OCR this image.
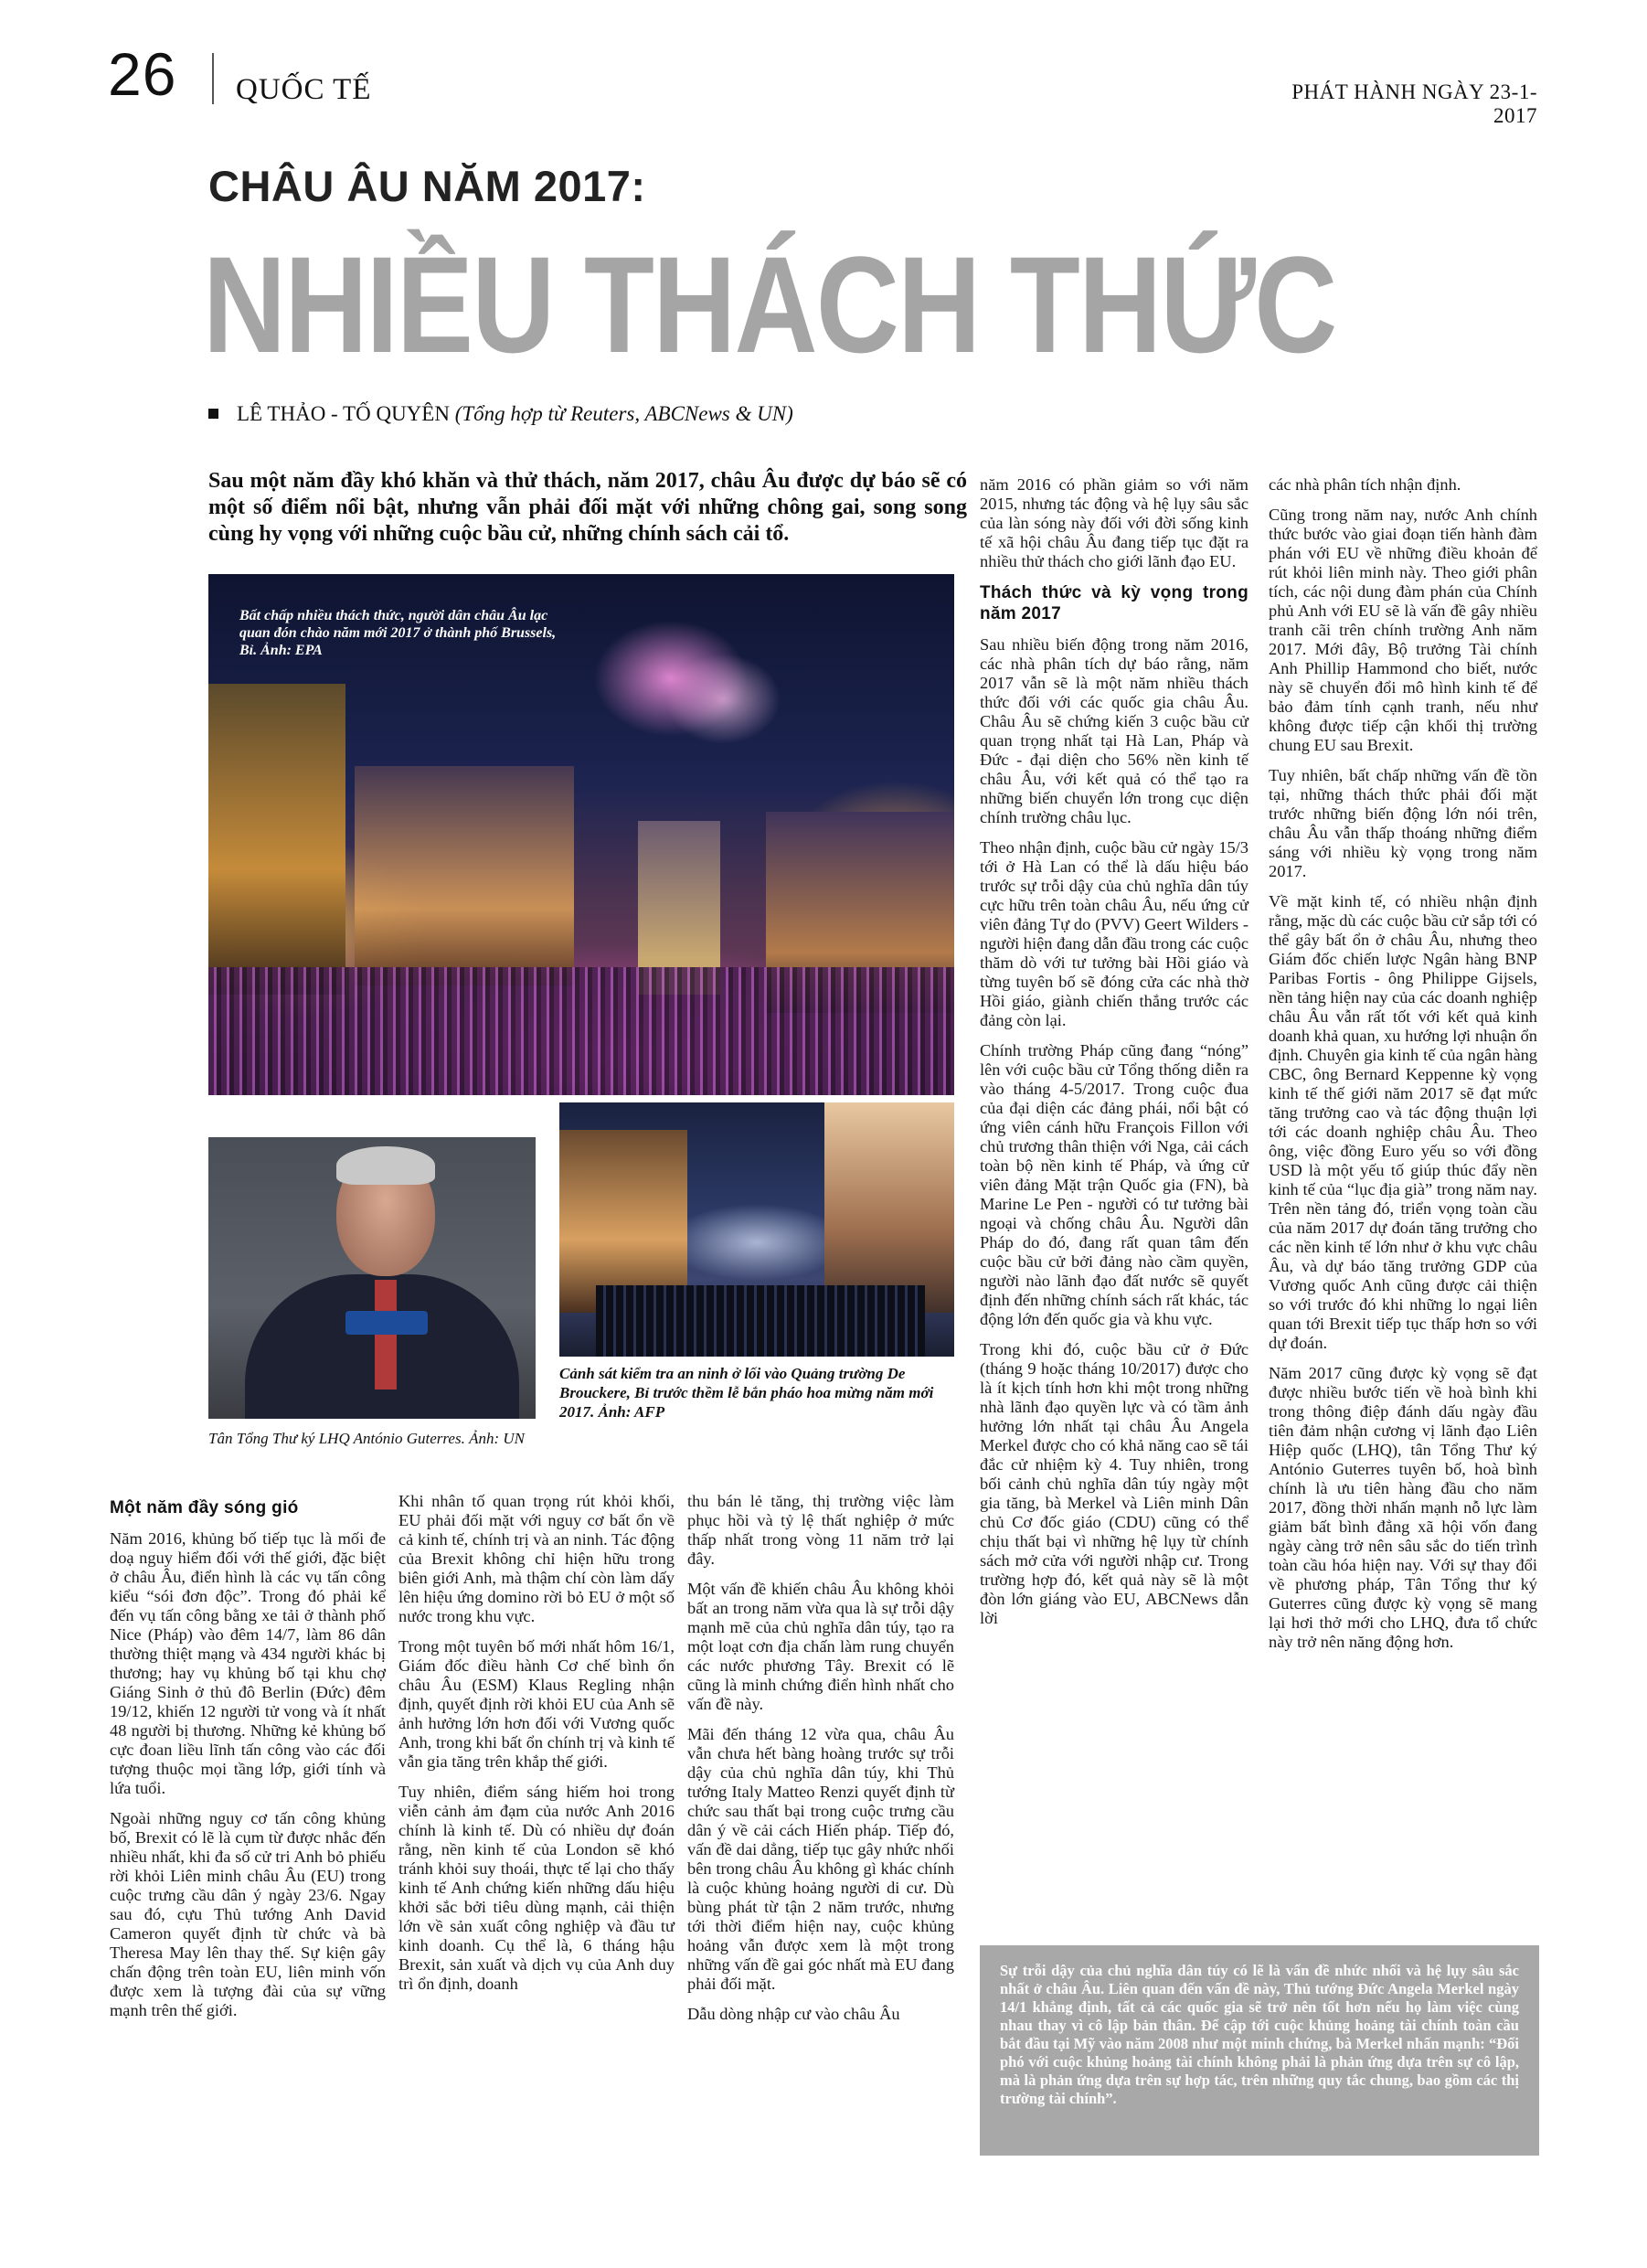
26 QUỐC TẾ	PHÁT HÀNH NGÀY 23-1-2017
CHÂU ÂU NĂM 2017:
NHIỀU THÁCH THỨC
LÊ THẢO - TỐ QUYÊN (Tổng hợp từ Reuters, ABCNews & UN)

Sau một năm đầy khó khăn và thử thách, năm 2017, châu Âu được dự báo sẽ có một số điểm nổi bật, nhưng vẫn phải đối mặt với những chông gai, song song cùng hy vọng với những cuộc bầu cử, những chính sách cải tổ.

Bất chấp nhiều thách thức, người dân châu Âu lạc quan đón chào năm mới 2017 ở thành phố Brussels, Bỉ. Ảnh: EPA

Cảnh sát kiểm tra an ninh ở lối vào Quảng trường De Brouckere, Bỉ trước thềm lễ bắn pháo hoa mừng năm mới 2017. Ảnh: AFP

Tân Tổng Thư ký LHQ António Guterres. Ảnh: UN

Một năm đầy sóng gió

Năm 2016, khủng bố tiếp tục là mối đe doạ nguy hiểm đối với thế giới, đặc biệt ở châu Âu, điển hình là các vụ tấn công kiểu “sói đơn độc”. Trong đó phải kể đến vụ tấn công bằng xe tải ở thành phố Nice (Pháp) vào đêm 14/7, làm 86 dân thường thiệt mạng và 434 người khác bị thương; hay vụ khủng bố tại khu chợ Giáng Sinh ở thủ đô Berlin (Đức) đêm 19/12, khiến 12 người tử vong và ít nhất 48 người bị thương. Những kẻ khủng bố cực đoan liều lĩnh tấn công vào các đối tượng thuộc mọi tầng lớp, giới tính và lứa tuổi.

Ngoài những nguy cơ tấn công khủng bố, Brexit có lẽ là cụm từ được nhắc đến nhiều nhất, khi đa số cử tri Anh bỏ phiếu rời khỏi Liên minh châu Âu (EU) trong cuộc trưng cầu dân ý ngày 23/6. Ngay sau đó, cựu Thủ tướng Anh David Cameron quyết định từ chức và bà Theresa May lên thay thế. Sự kiện gây chấn động trên toàn EU, liên minh vốn được xem là tượng đài của sự vững mạnh trên thế giới.

Khi nhân tố quan trọng rút khỏi khối, EU phải đối mặt với nguy cơ bất ổn về cả kinh tế, chính trị và an ninh. Tác động của Brexit không chỉ hiện hữu trong biên giới Anh, mà thậm chí còn làm dấy lên hiệu ứng domino rời bỏ EU ở một số nước trong khu vực.

Trong một tuyên bố mới nhất hôm 16/1, Giám đốc điều hành Cơ chế bình ổn châu Âu (ESM) Klaus Regling nhận định, quyết định rời khỏi EU của Anh sẽ ảnh hưởng lớn hơn đối với Vương quốc Anh, trong khi bất ổn chính trị và kinh tế vẫn gia tăng trên khắp thế giới.

Tuy nhiên, điểm sáng hiếm hoi trong viễn cảnh ảm đạm của nước Anh 2016 chính là kinh tế. Dù có nhiều dự đoán rằng, nền kinh tế của London sẽ khó tránh khỏi suy thoái, thực tế lại cho thấy kinh tế Anh chứng kiến những dấu hiệu khởi sắc bởi tiêu dùng mạnh, cải thiện lớn về sản xuất công nghiệp và đầu tư kinh doanh. Cụ thể là, 6 tháng hậu Brexit, sản xuất và dịch vụ của Anh duy trì ổn định, doanh

thu bán lẻ tăng, thị trường việc làm phục hồi và tỷ lệ thất nghiệp ở mức thấp nhất trong vòng 11 năm trở lại đây.

Một vấn đề khiến châu Âu không khỏi bất an trong năm vừa qua là sự trỗi dậy mạnh mẽ của chủ nghĩa dân túy, tạo ra một loạt cơn địa chấn làm rung chuyển các nước phương Tây. Brexit có lẽ cũng là minh chứng điển hình nhất cho vấn đề này.

Mãi đến tháng 12 vừa qua, châu Âu vẫn chưa hết bàng hoàng trước sự trỗi dậy của chủ nghĩa dân túy, khi Thủ tướng Italy Matteo Renzi quyết định từ chức sau thất bại trong cuộc trưng cầu dân ý về cải cách Hiến pháp. Tiếp đó, vấn đề dai dẳng, tiếp tục gây nhức nhối bên trong châu Âu không gì khác chính là cuộc khủng hoảng người di cư. Dù bùng phát từ tận 2 năm trước, nhưng tới thời điểm hiện nay, cuộc khủng hoảng vẫn được xem là một trong những vấn đề gai góc nhất mà EU đang phải đối mặt.

Dẫu dòng nhập cư vào châu Âu

năm 2016 có phần giảm so với năm 2015, nhưng tác động và hệ lụy sâu sắc của làn sóng này đối với đời sống kinh tế xã hội châu Âu đang tiếp tục đặt ra nhiều thử thách cho giới lãnh đạo EU.

Thách thức và kỳ vọng trong năm 2017

Sau nhiều biến động trong năm 2016, các nhà phân tích dự báo rằng, năm 2017 vẫn sẽ là một năm nhiều thách thức đối với các quốc gia châu Âu. Châu Âu sẽ chứng kiến 3 cuộc bầu cử quan trọng nhất tại Hà Lan, Pháp và Đức - đại diện cho 56% nền kinh tế châu Âu, với kết quả có thể tạo ra những biến chuyển lớn trong cục diện chính trường châu lục.

Theo nhận định, cuộc bầu cử ngày 15/3 tới ở Hà Lan có thể là dấu hiệu báo trước sự trỗi dậy của chủ nghĩa dân túy cực hữu trên toàn châu Âu, nếu ứng cử viên đảng Tự do (PVV) Geert Wilders - người hiện đang dẫn đầu trong các cuộc thăm dò với tư tưởng bài Hồi giáo và từng tuyên bố sẽ đóng cửa các nhà thờ Hồi giáo, giành chiến thắng trước các đảng còn lại.

Chính trường Pháp cũng đang “nóng” lên với cuộc bầu cử Tổng thống diễn ra vào tháng 4-5/2017. Trong cuộc đua của đại diện các đảng phái, nổi bật có ứng viên cánh hữu François Fillon với chủ trương thân thiện với Nga, cải cách toàn bộ nền kinh tế Pháp, và ứng cử viên đảng Mặt trận Quốc gia (FN), bà Marine Le Pen - người có tư tưởng bài ngoại và chống châu Âu. Người dân Pháp do đó, đang rất quan tâm đến cuộc bầu cử bởi đảng nào cầm quyền, người nào lãnh đạo đất nước sẽ quyết định đến những chính sách rất khác, tác động lớn đến quốc gia và khu vực.

Trong khi đó, cuộc bầu cử ở Đức (tháng 9 hoặc tháng 10/2017) được cho là ít kịch tính hơn khi một trong những nhà lãnh đạo quyền lực và có tầm ảnh hưởng lớn nhất tại châu Âu Angela Merkel được cho có khả năng cao sẽ tái đắc cử nhiệm kỳ 4. Tuy nhiên, trong bối cảnh chủ nghĩa dân túy ngày một gia tăng, bà Merkel và Liên minh Dân chủ Cơ đốc giáo (CDU) cũng có thể chịu thất bại vì những hệ lụy từ chính sách mở cửa với người nhập cư. Trong trường hợp đó, kết quả này sẽ là một đòn lớn giáng vào EU, ABCNews dẫn lời

các nhà phân tích nhận định.

Cũng trong năm nay, nước Anh chính thức bước vào giai đoạn tiến hành đàm phán với EU về những điều khoản để rút khỏi liên minh này. Theo giới phân tích, các nội dung đàm phán của Chính phủ Anh với EU sẽ là vấn đề gây nhiều tranh cãi trên chính trường Anh năm 2017. Mới đây, Bộ trưởng Tài chính Anh Phillip Hammond cho biết, nước này sẽ chuyển đổi mô hình kinh tế để bảo đảm tính cạnh tranh, nếu như không được tiếp cận khối thị trường chung EU sau Brexit.

Tuy nhiên, bất chấp những vấn đề tồn tại, những thách thức phải đối mặt trước những biến động lớn nói trên, châu Âu vẫn thấp thoáng những điểm sáng với nhiều kỳ vọng trong năm 2017.

Về mặt kinh tế, có nhiều nhận định rằng, mặc dù các cuộc bầu cử sắp tới có thể gây bất ổn ở châu Âu, nhưng theo Giám đốc chiến lược Ngân hàng BNP Paribas Fortis - ông Philippe Gijsels, nền tảng hiện nay của các doanh nghiệp châu Âu vẫn rất tốt với kết quả kinh doanh khả quan, xu hướng lợi nhuận ổn định. Chuyên gia kinh tế của ngân hàng CBC, ông Bernard Keppenne kỳ vọng kinh tế thế giới năm 2017 sẽ đạt mức tăng trưởng cao và tác động thuận lợi tới các doanh nghiệp châu Âu. Theo ông, việc đồng Euro yếu so với đồng USD là một yếu tố giúp thúc đẩy nền kinh tế của “lục địa già” trong năm nay. Trên nền tảng đó, triển vọng toàn cầu của năm 2017 dự đoán tăng trưởng cho các nền kinh tế lớn như ở khu vực châu Âu, và dự báo tăng trưởng GDP của Vương quốc Anh cũng được cải thiện so với trước đó khi những lo ngại liên quan tới Brexit tiếp tục thấp hơn so với dự đoán.

Năm 2017 cũng được kỳ vọng sẽ đạt được nhiều bước tiến về hoà bình khi trong thông điệp đánh dấu ngày đầu tiên đảm nhận cương vị lãnh đạo Liên Hiệp quốc (LHQ), tân Tổng Thư ký António Guterres tuyên bố, hoà bình chính là ưu tiên hàng đầu cho năm 2017, đồng thời nhấn mạnh nỗ lực làm giảm bất bình đẳng xã hội vốn đang ngày càng trở nên sâu sắc do tiến trình toàn cầu hóa hiện nay. Với sự thay đổi về phương pháp, Tân Tổng thư ký Guterres cũng được kỳ vọng sẽ mang lại hơi thở mới cho LHQ, đưa tổ chức này trở nên năng động hơn.

Sự trỗi dậy của chủ nghĩa dân túy có lẽ là vấn đề nhức nhối và hệ lụy sâu sắc nhất ở châu Âu. Liên quan đến vấn đề này, Thủ tướng Đức Angela Merkel ngày 14/1 khẳng định, tất cả các quốc gia sẽ trở nên tốt hơn nếu họ làm việc cùng nhau thay vì cô lập bản thân. Để cập tới cuộc khủng hoảng tài chính toàn cầu bắt đầu tại Mỹ vào năm 2008 như một minh chứng, bà Merkel nhấn mạnh: “Đối phó với cuộc khủng hoảng tài chính không phải là phản ứng dựa trên sự cô lập, mà là phản ứng dựa trên sự hợp tác, trên những quy tắc chung, bao gồm các thị trường tài chính”.
